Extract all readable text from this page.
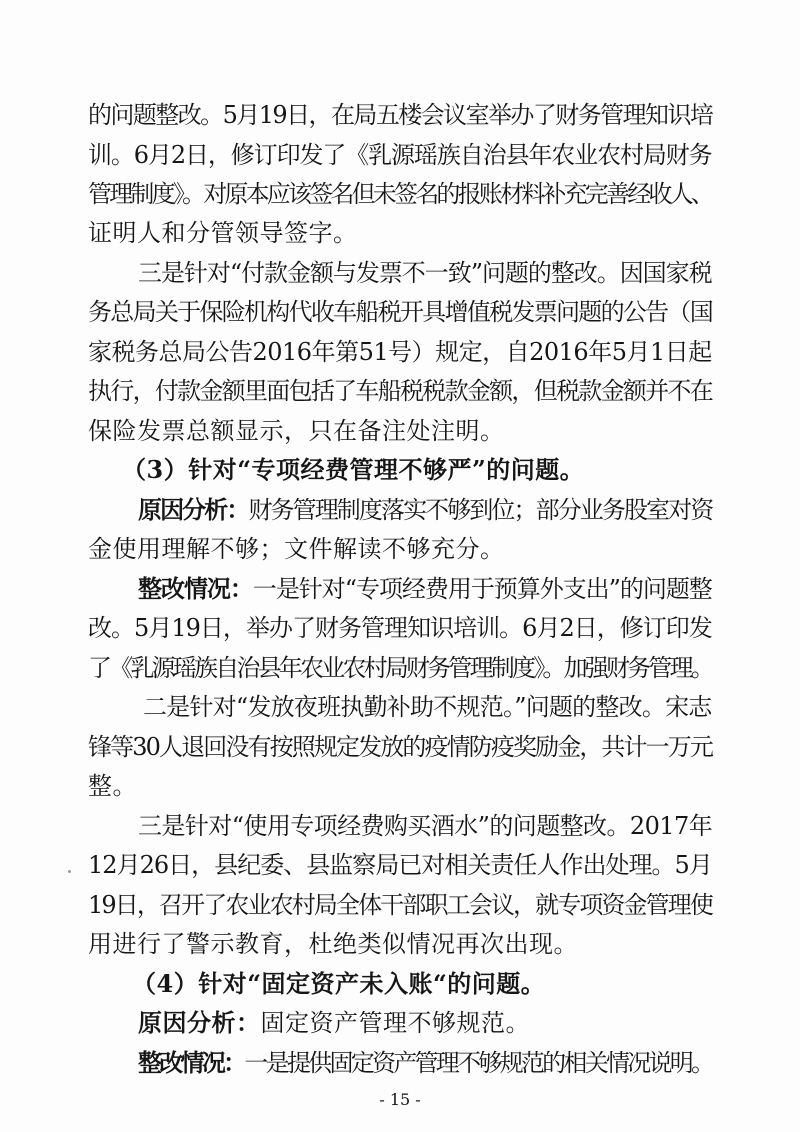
的问题整改。5月19日，在局五楼会议室举办了财务管理知识培
训。6月2日，修订印发了《乳源瑶族自治县年农业农村局财务
管理制度》。对原本应该签名但未签名的报账材料补充完善经收人、
证明人和分管领导签字。
三是针对“付款金额与发票不一致”问题的整改。因国家税
务总局关于保险机构代收车船税开具增值税发票问题的公告（国
家税务总局公告2016年第51号）规定，自2016年5月1日起
执行，付款金额里面包括了车船税税款金额，但税款金额并不在
保险发票总额显示，只在备注处注明。
（3）针对“专项经费管理不够严”的问题。
原因分析：财务管理制度落实不够到位；部分业务股室对资
金使用理解不够；文件解读不够充分。
整改情况：一是针对“专项经费用于预算外支出”的问题整
改。5月19日，举办了财务管理知识培训。6月2日，修订印发
了《乳源瑶族自治县年农业农村局财务管理制度》。加强财务管理。
二是针对“发放夜班执勤补助不规范。”问题的整改。宋志
锋等30人退回没有按照规定发放的疫情防疫奖励金，共计一万元
整。
三是针对“使用专项经费购买酒水”的问题整改。2017年
12月26日，县纪委、县监察局已对相关责任人作出处理。5月
19日，召开了农业农村局全体干部职工会议，就专项资金管理使
用进行了警示教育，杜绝类似情况再次出现。
（4）针对“固定资产未入账“的问题。
原因分析：固定资产管理不够规范。
整改情况：一是提供固定资产管理不够规范的相关情况说明。
- 15 -
